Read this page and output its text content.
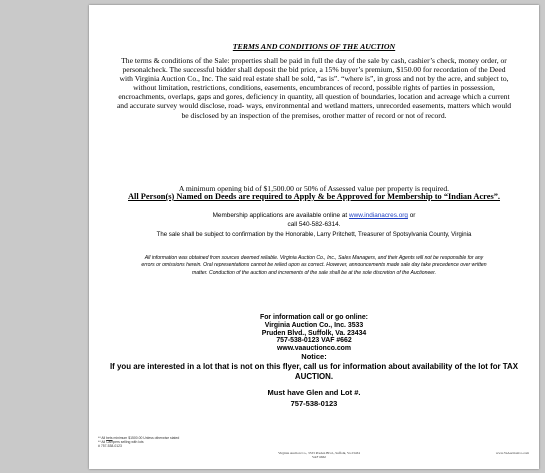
TERMS AND CONDITIONS OF THE AUCTION

The terms & conditions of the Sale: properties shall be paid in full the day of the sale by cash, cashier’s check, money order, or personalcheck. The successful bidder shall deposit the bid price, a 15% buyer’s premium, $150.00 for recordation of the Deed with Virginia Auction Co., Inc. The said real estate shall be sold, “as is”. “where is”, in gross and not by the acre, and subject to, without limitation, restrictions, conditions, easements, encumbrances of record, possible rights of parties in possession, encroachments, overlaps, gaps and gores, deficiency in quantity, all question of boundaries, location and acreage which a current and accurate survey would disclose, road- ways, environmental and wetland matters, unrecorded easements, matters which would be disclosed by an inspection of the premises, orother matter of record or not of record.

A minimum opening bid of $1,500.00 or 50% of Assessed value per property is required.
All Person(s) Named on Deeds are required to Apply & be Approved for Membership to “Indian Acres”.
Membership applications are available online at www.indianacres.org or
call 540-582-6314.
The sale shall be subject to confirmation by the Honorable, Larry Pritchett, Treasurer of Spotsylvania County, Virginia
All information was obtained from sources deemed reliable. Virginia Auction Co., Inc., Sales Managers, and their Agents will not be responsible for any errors or omissions herein. Oral representations cannot be relied upon as correct. However, announcements made sale day take precedence over written matter. Conduction of the auction and increments of the sale shall be at the sole discretion of the Auctioneer.
For information call or go online:
Virginia Auction Co., Inc. 3533
Pruden Blvd., Suffolk, Va. 23434
757-538-0123 VAF #662
www.vaauctionco.com
Notice:
If you are interested in a lot that is not on this flyer, call us for information about availability of the lot for TAX AUCTION.
Must have Glen and Lot #.
757-538-0123
** All bets minimum $1500.00 Unless otherwise stated
** All Campers selling with lots
# 757-538-0123
Virginia Auction Co., 3533 Pruden Blvd., Suffolk, Va 23434
VAF #662
www.VaAuctionCo.com
